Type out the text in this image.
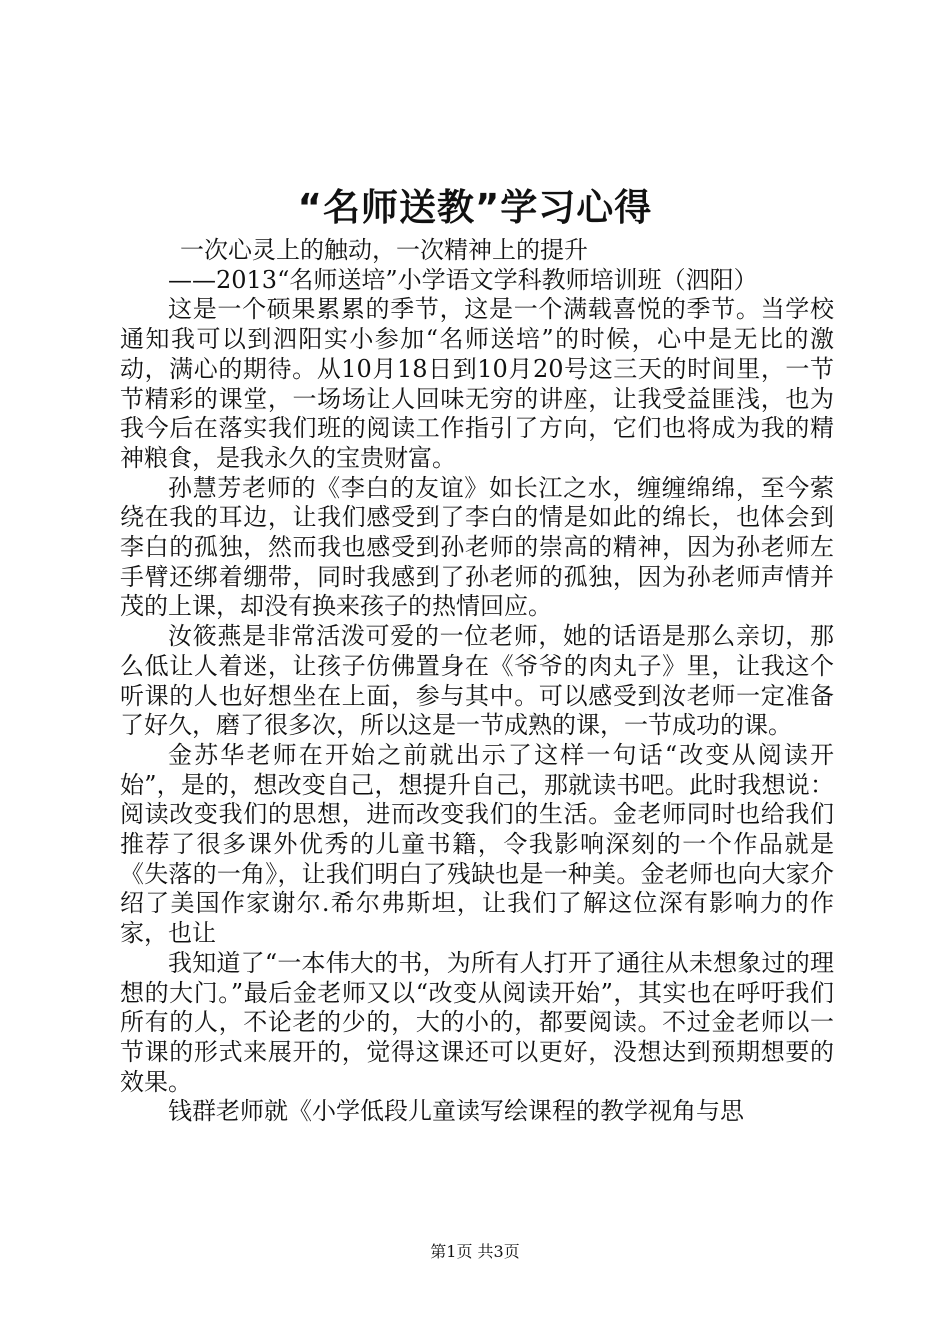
“名师送教”学习心得

一次心灵上的触动，一次精神上的提升

——2013“名师送培”小学语文学科教师培训班（泗阳）

这是一个硕果累累的季节，这是一个满载喜悦的季节。当学校通知我可以到泗阳实小参加“名师送培”的时候，心中是无比的激动，满心的期待。从10月18日到10月20号这三天的时间里，一节节精彩的课堂，一场场让人回味无穷的讲座，让我受益匪浅，也为我今后在落实我们班的阅读工作指引了方向，它们也将成为我的精神粮食，是我永久的宝贵财富。

孙慧芳老师的《李白的友谊》如长江之水，缠缠绵绵，至今萦绕在我的耳边，让我们感受到了李白的情是如此的绵长，也体会到李白的孤独，然而我也感受到孙老师的崇高的精神，因为孙老师左手臂还绑着绷带，同时我感到了孙老师的孤独，因为孙老师声情并茂的上课，却没有换来孩子的热情回应。

汝筱燕是非常活泼可爱的一位老师，她的话语是那么亲切，那么低让人着迷，让孩子仿佛置身在《爷爷的肉丸子》里，让我这个听课的人也好想坐在上面，参与其中。可以感受到汝老师一定准备了好久，磨了很多次，所以这是一节成熟的课，一节成功的课。

金苏华老师在开始之前就出示了这样一句话“改变从阅读开始”，是的，想改变自己，想提升自己，那就读书吧。此时我想说：阅读改变我们的思想，进而改变我们的生活。金老师同时也给我们推荐了很多课外优秀的儿童书籍，令我影响深刻的一个作品就是《失落的一角》，让我们明白了残缺也是一种美。金老师也向大家介绍了美国作家谢尔.希尔弗斯坦，让我们了解这位深有影响力的作家，也让

我知道了“一本伟大的书，为所有人打开了通往从未想象过的理想的大门。”最后金老师又以“改变从阅读开始”，其实也在呼吁我们所有的人，不论老的少的，大的小的，都要阅读。不过金老师以一节课的形式来展开的，觉得这课还可以更好，没想达到预期想要的效果。

钱群老师就《小学低段儿童读写绘课程的教学视角与思

第1页 共3页
